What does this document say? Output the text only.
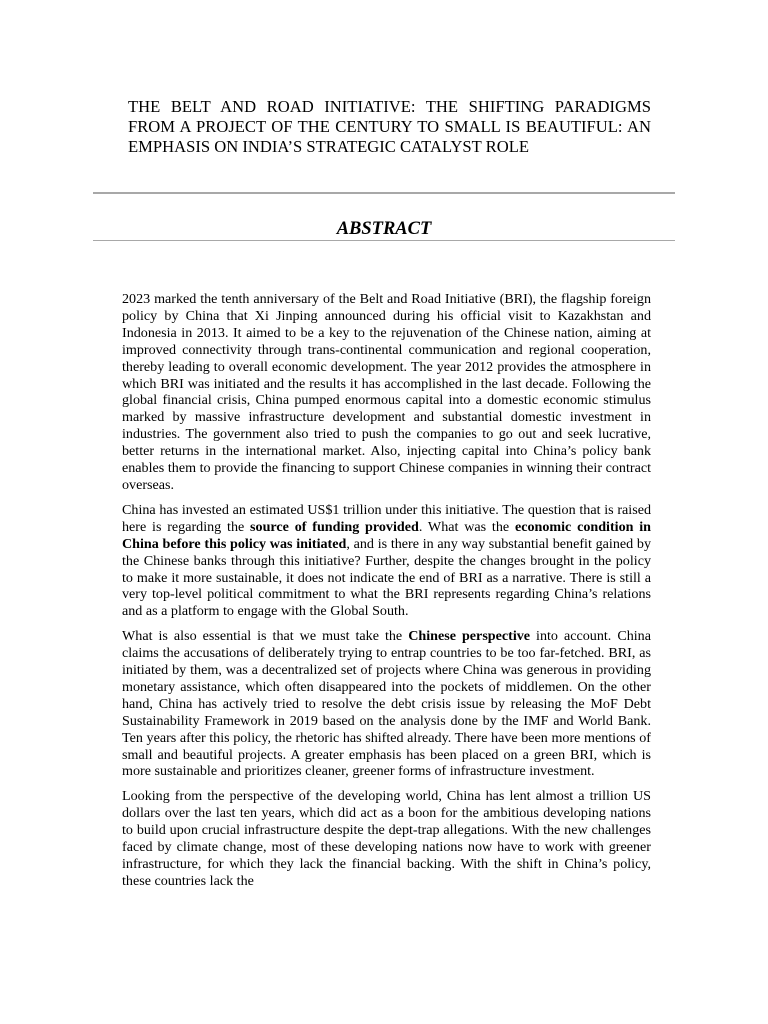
THE BELT AND ROAD INITIATIVE: THE SHIFTING PARADIGMS FROM A PROJECT OF THE CENTURY TO SMALL IS BEAUTIFUL: AN EMPHASIS ON INDIA’S STRATEGIC CATALYST ROLE
ABSTRACT

2023 marked the tenth anniversary of the Belt and Road Initiative (BRI), the flagship foreign policy by China that Xi Jinping announced during his official visit to Kazakhstan and Indonesia in 2013. It aimed to be a key to the rejuvenation of the Chinese nation, aiming at improved connectivity through trans-continental communication and regional cooperation, thereby leading to overall economic development. The year 2012 provides the atmosphere in which BRI was initiated and the results it has accomplished in the last decade. Following the global financial crisis, China pumped enormous capital into a domestic economic stimulus marked by massive infrastructure development and substantial domestic investment in industries. The government also tried to push the companies to go out and seek lucrative, better returns in the international market. Also, injecting capital into China’s policy bank enables them to provide the financing to support Chinese companies in winning their contract overseas.

China has invested an estimated US$1 trillion under this initiative. The question that is raised here is regarding the source of funding provided. What was the economic condition in China before this policy was initiated, and is there in any way substantial benefit gained by the Chinese banks through this initiative? Further, despite the changes brought in the policy to make it more sustainable, it does not indicate the end of BRI as a narrative. There is still a very top-level political commitment to what the BRI represents regarding China’s relations and as a platform to engage with the Global South.

What is also essential is that we must take the Chinese perspective into account. China claims the accusations of deliberately trying to entrap countries to be too far-fetched. BRI, as initiated by them, was a decentralized set of projects where China was generous in providing monetary assistance, which often disappeared into the pockets of middlemen. On the other hand, China has actively tried to resolve the debt crisis issue by releasing the MoF Debt Sustainability Framework in 2019 based on the analysis done by the IMF and World Bank. Ten years after this policy, the rhetoric has shifted already. There have been more mentions of small and beautiful projects. A greater emphasis has been placed on a green BRI, which is more sustainable and prioritizes cleaner, greener forms of infrastructure investment.

Looking from the perspective of the developing world, China has lent almost a trillion US dollars over the last ten years, which did act as a boon for the ambitious developing nations to build upon crucial infrastructure despite the dept-trap allegations. With the new challenges faced by climate change, most of these developing nations now have to work with greener infrastructure, for which they lack the financial backing. With the shift in China’s policy, these countries lack the
